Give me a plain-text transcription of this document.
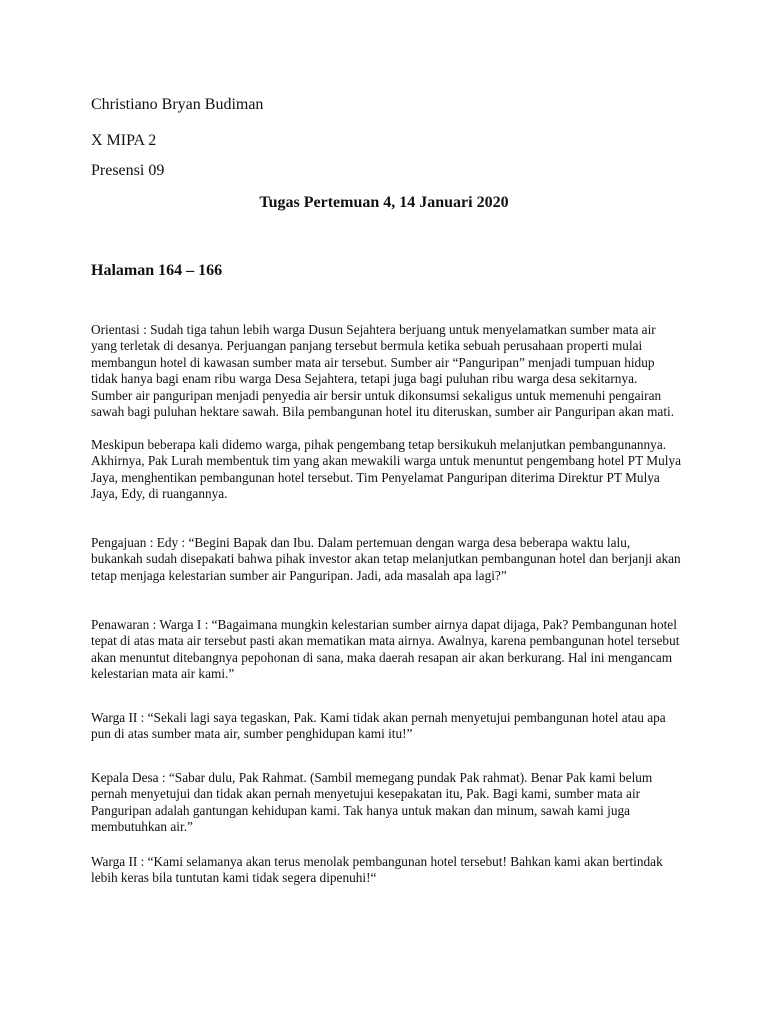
Christiano Bryan Budiman
X MIPA 2
Presensi 09
Tugas Pertemuan 4, 14 Januari 2020
Halaman 164 – 166

Orientasi : Sudah tiga tahun lebih warga Dusun Sejahtera berjuang untuk menyelamatkan sumber mata air yang terletak di desanya. Perjuangan panjang tersebut bermula ketika sebuah perusahaan properti mulai membangun hotel di kawasan sumber mata air tersebut. Sumber air “Panguripan” menjadi tumpuan hidup tidak hanya bagi enam ribu warga Desa Sejahtera, tetapi juga bagi puluhan ribu warga desa sekitarnya. Sumber air panguripan menjadi penyedia air bersir untuk dikonsumsi sekaligus untuk memenuhi pengairan sawah bagi puluhan hektare sawah. Bila pembangunan hotel itu diteruskan, sumber air Panguripan akan mati.

Meskipun beberapa kali didemo warga, pihak pengembang tetap bersikukuh melanjutkan pembangunannya. Akhirnya, Pak Lurah membentuk tim yang akan mewakili warga untuk menuntut pengembang hotel PT Mulya Jaya, menghentikan pembangunan hotel tersebut. Tim Penyelamat Panguripan diterima Direktur PT Mulya Jaya, Edy, di ruangannya.

Pengajuan : Edy : “Begini Bapak dan Ibu. Dalam pertemuan dengan warga desa beberapa waktu lalu, bukankah sudah disepakati bahwa pihak investor akan tetap melanjutkan pembangunan hotel dan berjanji akan tetap menjaga kelestarian sumber air Panguripan. Jadi, ada masalah apa lagi?”

Penawaran : Warga I : “Bagaimana mungkin kelestarian sumber airnya dapat dijaga, Pak? Pembangunan hotel tepat di atas mata air tersebut pasti akan mematikan mata airnya. Awalnya, karena pembangunan hotel tersebut akan menuntut ditebangnya pepohonan di sana, maka daerah resapan air akan berkurang. Hal ini mengancam kelestarian mata air kami.”

Warga II : “Sekali lagi saya tegaskan, Pak. Kami tidak akan pernah menyetujui pembangunan hotel atau apa pun di atas sumber mata air, sumber penghidupan kami itu!”

Kepala Desa : “Sabar dulu, Pak Rahmat. (Sambil memegang pundak Pak rahmat). Benar Pak kami belum pernah menyetujui dan tidak akan pernah menyetujui kesepakatan itu, Pak. Bagi kami, sumber mata air Panguripan adalah gantungan kehidupan kami. Tak hanya untuk makan dan minum, sawah kami juga membutuhkan air.”

Warga II : “Kami selamanya akan terus menolak pembangunan hotel tersebut! Bahkan kami akan bertindak lebih keras bila tuntutan kami tidak segera dipenuhi!“
